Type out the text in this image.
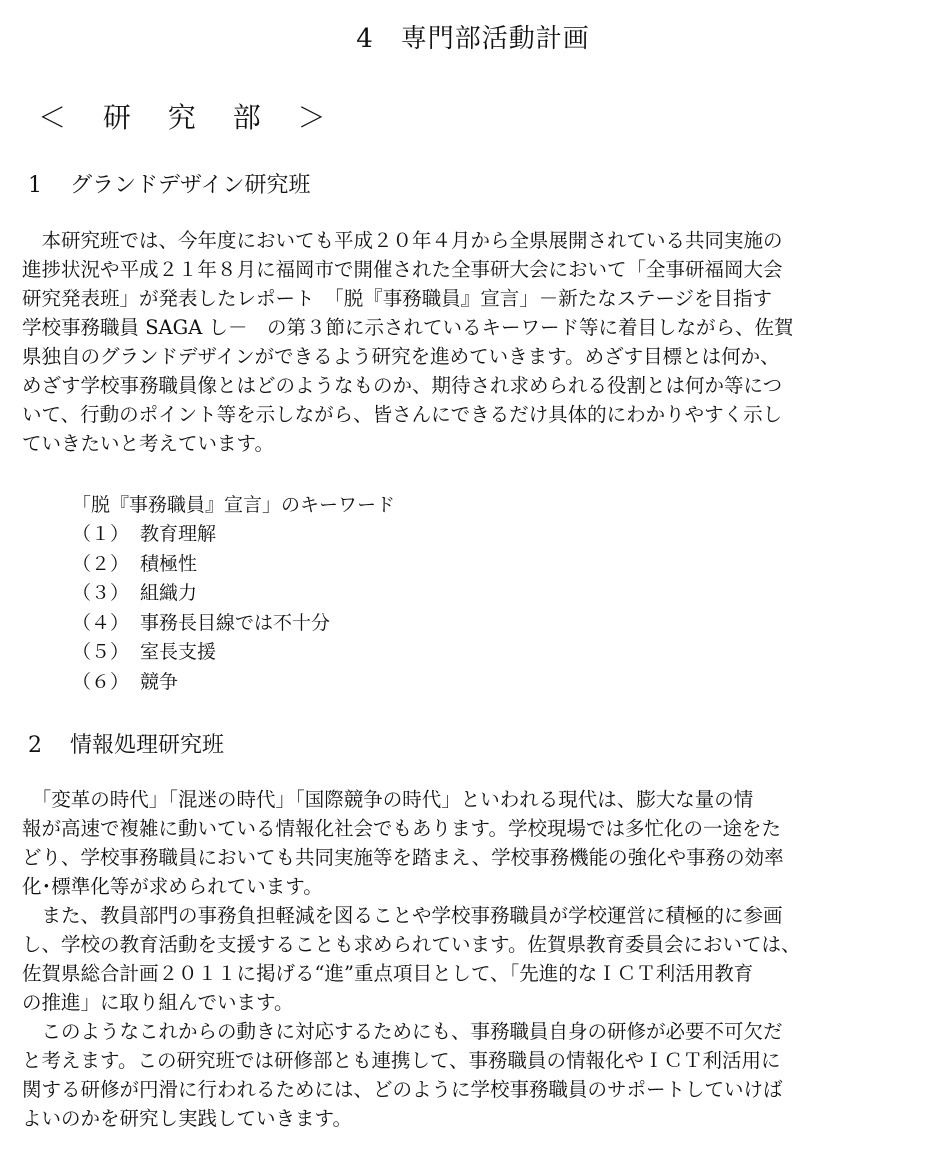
4　専門部活動計画
＜ 研 究 部 ＞
1 グランドデザイン研究班
　本研究班では、今年度においても平成２０年４月から全県展開されている共同実施の
進捗状況や平成２１年８月に福岡市で開催された全事研大会において「全事研福岡大会
研究発表班」が発表したレポート　「脱『事務職員』宣言」－新たなステージを目指す
学校事務職員 SAGA し－　の第３節に示されているキーワード等に着目しながら、佐賀
県独自のグランドデザインができるよう研究を進めていきます。めざす目標とは何か、
めざす学校事務職員像とはどのようなものか、期待され求められる役割とは何か等につ
いて、行動のポイント等を示しながら、皆さんにできるだけ具体的にわかりやすく示し
ていきたいと考えています。
「脱『事務職員』宣言」のキーワード
（１） 教育理解
（２） 積極性
（３） 組織力
（４） 事務長目線では不十分
（５） 室長支援
（６） 競争
2 情報処理研究班
　「変革の時代」「混迷の時代」「国際競争の時代」といわれる現代は、膨大な量の情
報が高速で複雑に動いている情報化社会でもあります。学校現場では多忙化の一途をた
どり、学校事務職員においても共同実施等を踏まえ、学校事務機能の強化や事務の効率
化･標準化等が求められています。
　また、教員部門の事務負担軽減を図ることや学校事務職員が学校運営に積極的に参画
し、学校の教育活動を支援することも求められています。佐賀県教育委員会においては、
佐賀県総合計画２０１１に掲げる“進”重点項目として、「先進的なＩＣＴ利活用教育
の推進」に取り組んでいます。
　このようなこれからの動きに対応するためにも、事務職員自身の研修が必要不可欠だ
と考えます。この研究班では研修部とも連携して、事務職員の情報化やＩＣＴ利活用に
関する研修が円滑に行われるためには、どのように学校事務職員のサポートしていけば
よいのかを研究し実践していきます。
